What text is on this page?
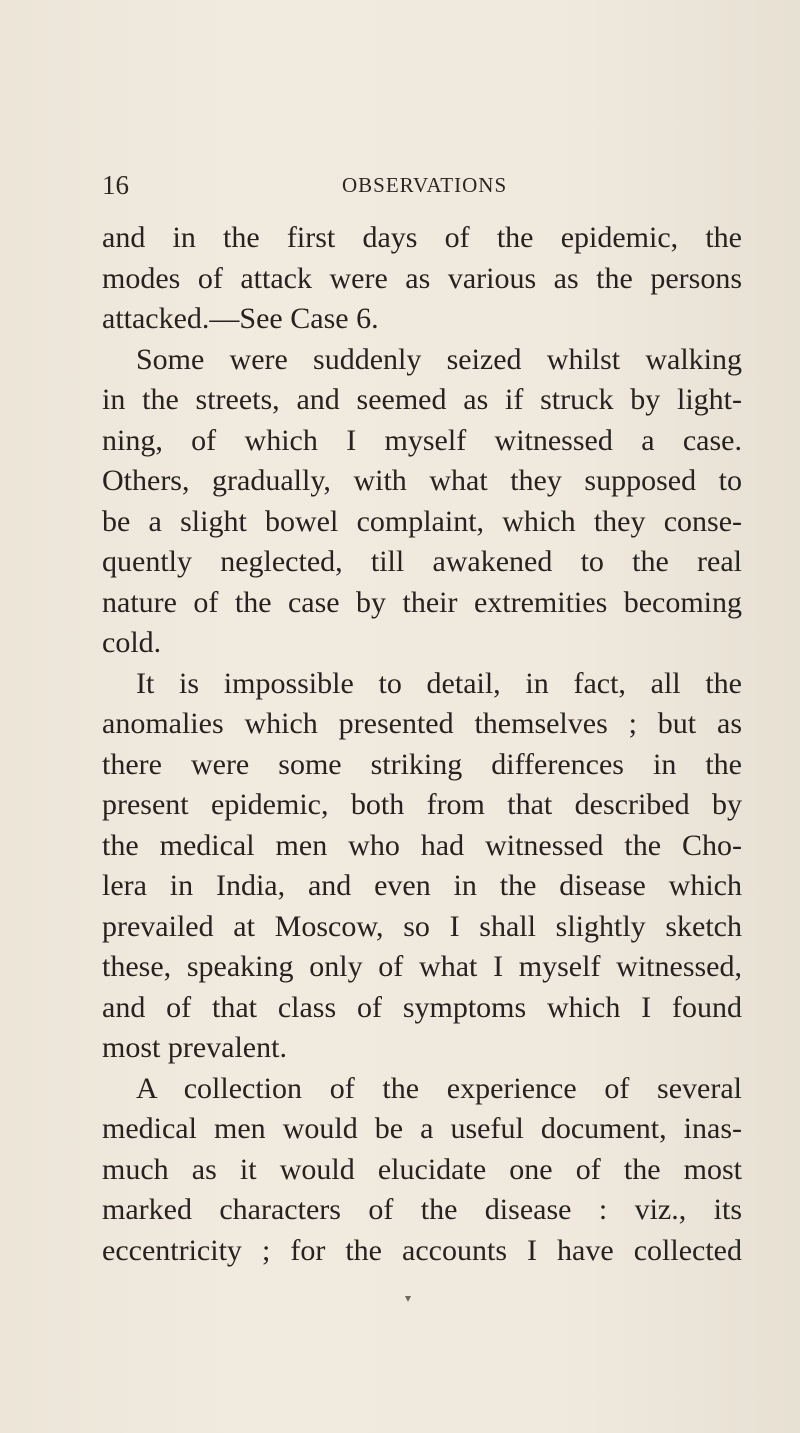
16	OBSERVATIONS
and in the first days of the epidemic, the
modes of attack were as various as the persons
attacked.—See Case 6.
Some were suddenly seized whilst walking
in the streets, and seemed as if struck by light-
ning, of which I myself witnessed a case.
Others, gradually, with what they supposed to
be a slight bowel complaint, which they conse-
quently neglected, till awakened to the real
nature of the case by their extremities becoming
cold.
It is impossible to detail, in fact, all the
anomalies which presented themselves ; but as
there were some striking differences in the
present epidemic, both from that described by
the medical men who had witnessed the Cho-
lera in India, and even in the disease which
prevailed at Moscow, so I shall slightly sketch
these, speaking only of what I myself witnessed,
and of that class of symptoms which I found
most prevalent.
A collection of the experience of several
medical men would be a useful document, inas-
much as it would elucidate one of the most
marked characters of the disease : viz., its
eccentricity ; for the accounts I have collected
